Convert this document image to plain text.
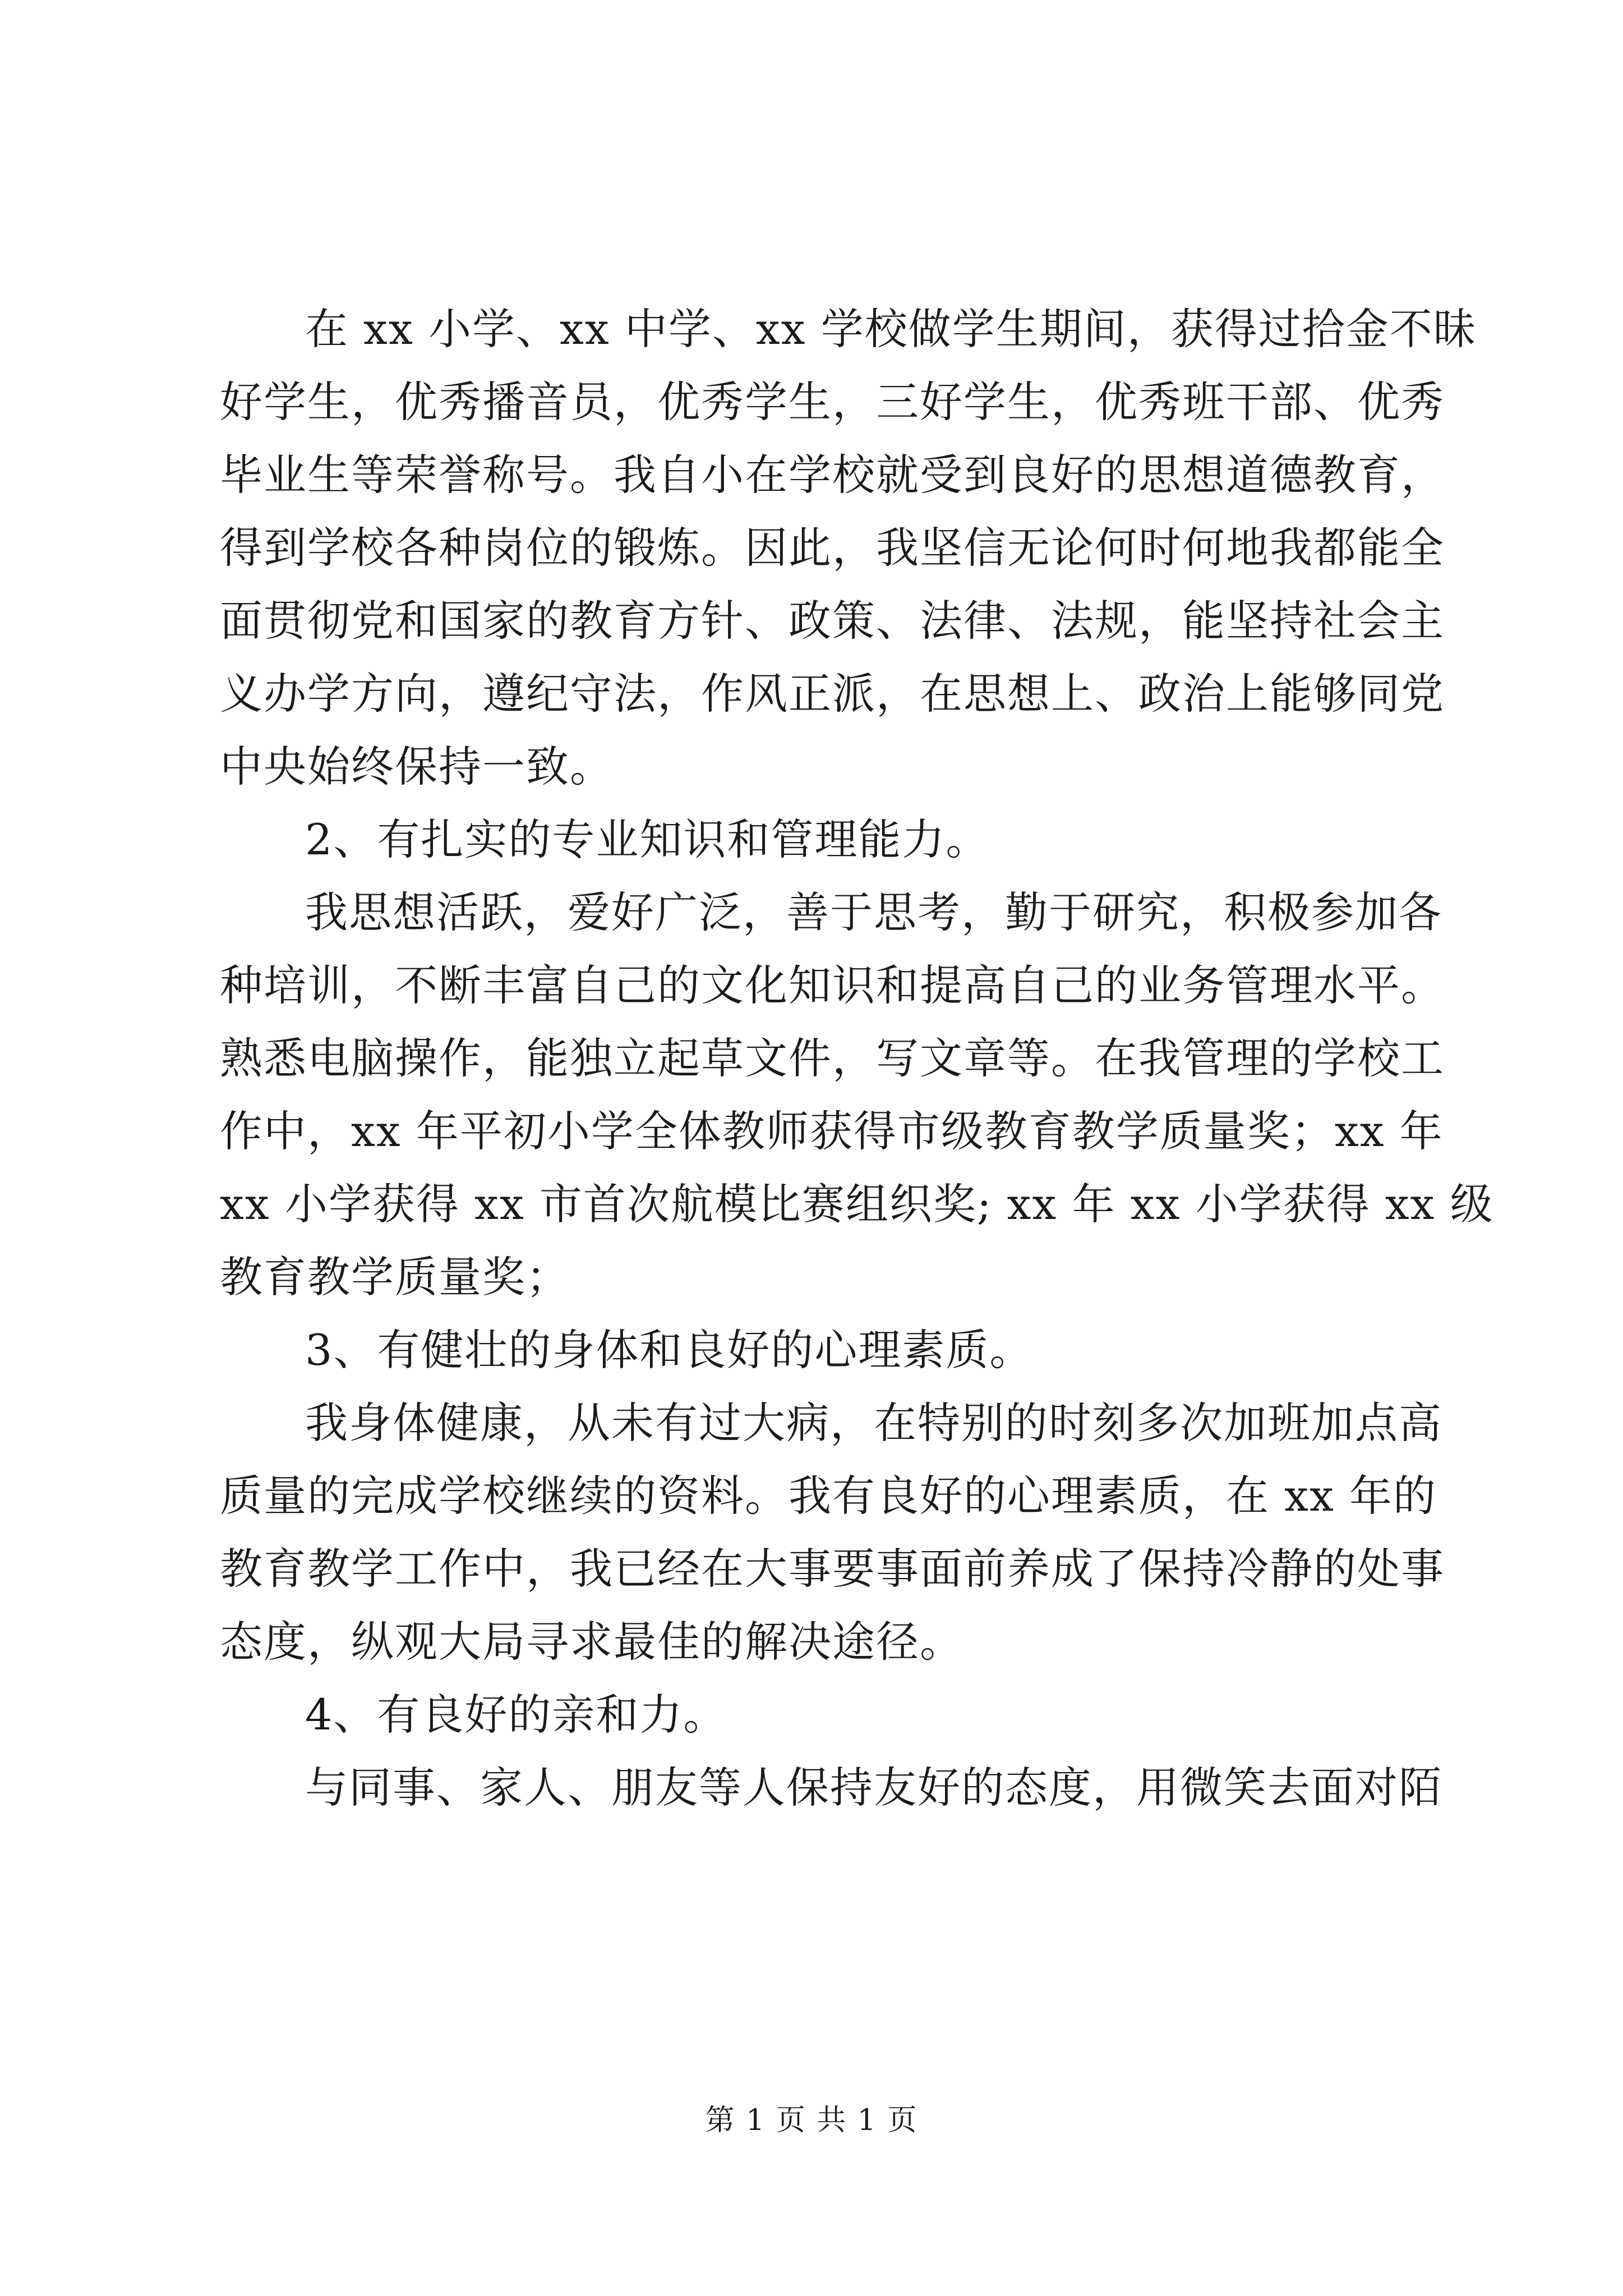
在 xx 小学、xx 中学、xx 学校做学生期间，获得过拾金不昧
好学生，优秀播音员，优秀学生，三好学生，优秀班干部、优秀
毕业生等荣誉称号。我自小在学校就受到良好的思想道德教育，
得到学校各种岗位的锻炼。因此，我坚信无论何时何地我都能全
面贯彻党和国家的教育方针、政策、法律、法规，能坚持社会主
义办学方向，遵纪守法，作风正派，在思想上、政治上能够同党
中央始终保持一致。
2、有扎实的专业知识和管理能力。
我思想活跃，爱好广泛，善于思考，勤于研究，积极参加各
种培训，不断丰富自己的文化知识和提高自己的业务管理水平。
熟悉电脑操作，能独立起草文件，写文章等。在我管理的学校工
作中，xx 年平初小学全体教师获得市级教育教学质量奖；xx 年
xx 小学获得 xx 市首次航模比赛组织奖; xx 年 xx 小学获得 xx 级
教育教学质量奖；
3、有健壮的身体和良好的心理素质。
我身体健康，从未有过大病，在特别的时刻多次加班加点高
质量的完成学校继续的资料。我有良好的心理素质，在 xx 年的
教育教学工作中，我已经在大事要事面前养成了保持冷静的处事
态度，纵观大局寻求最佳的解决途径。
4、有良好的亲和力。
与同事、家人、朋友等人保持友好的态度，用微笑去面对陌
第 1 页 共 1 页
